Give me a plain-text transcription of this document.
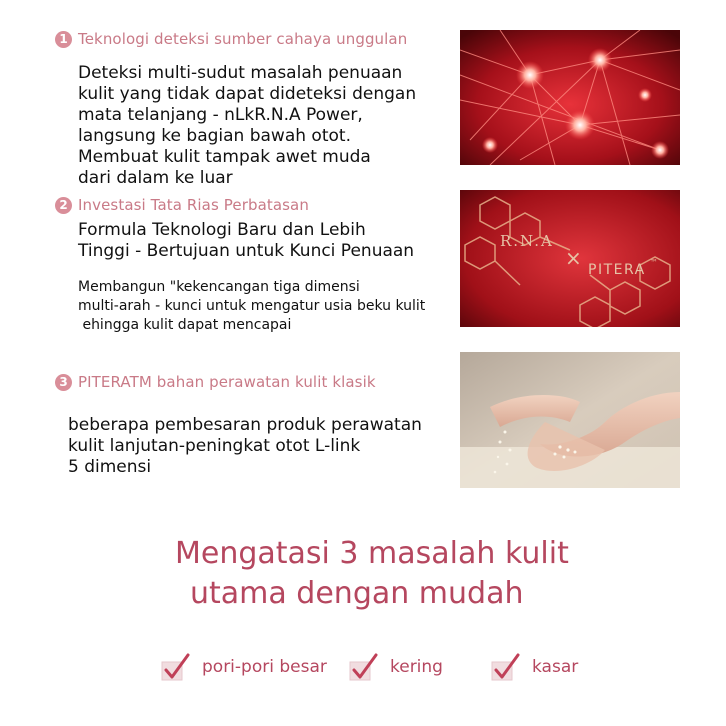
1 Teknologi deteksi sumber cahaya unggulan

Deteksi multi-sudut masalah penuaan

kulit yang tidak dapat dideteksi dengan

mata telanjang - nLkR.N.A Power,

langsung ke bagian bawah otot.

Membuat kulit tampak awet muda

dari dalam ke luar

2 Investasi Tata Rias Perbatasan

Formula Teknologi Baru dan Lebih

Tinggi - Bertujuan untuk Kunci Penuaan

Membangun "kekencangan tiga dimensi

multi-arah - kunci untuk mengatur usia beku kulit

ehingga kulit dapat mencapai

R.N.A
× PITERA ™
3 PITERATM bahan perawatan kulit klasik

beberapa pembesaran produk perawatan

kulit lanjutan-peningkat otot L-link

5 dimensi

Mengatasi 3 masalah kulit
utama dengan mudah
pori-pori besar	kering	kasar
